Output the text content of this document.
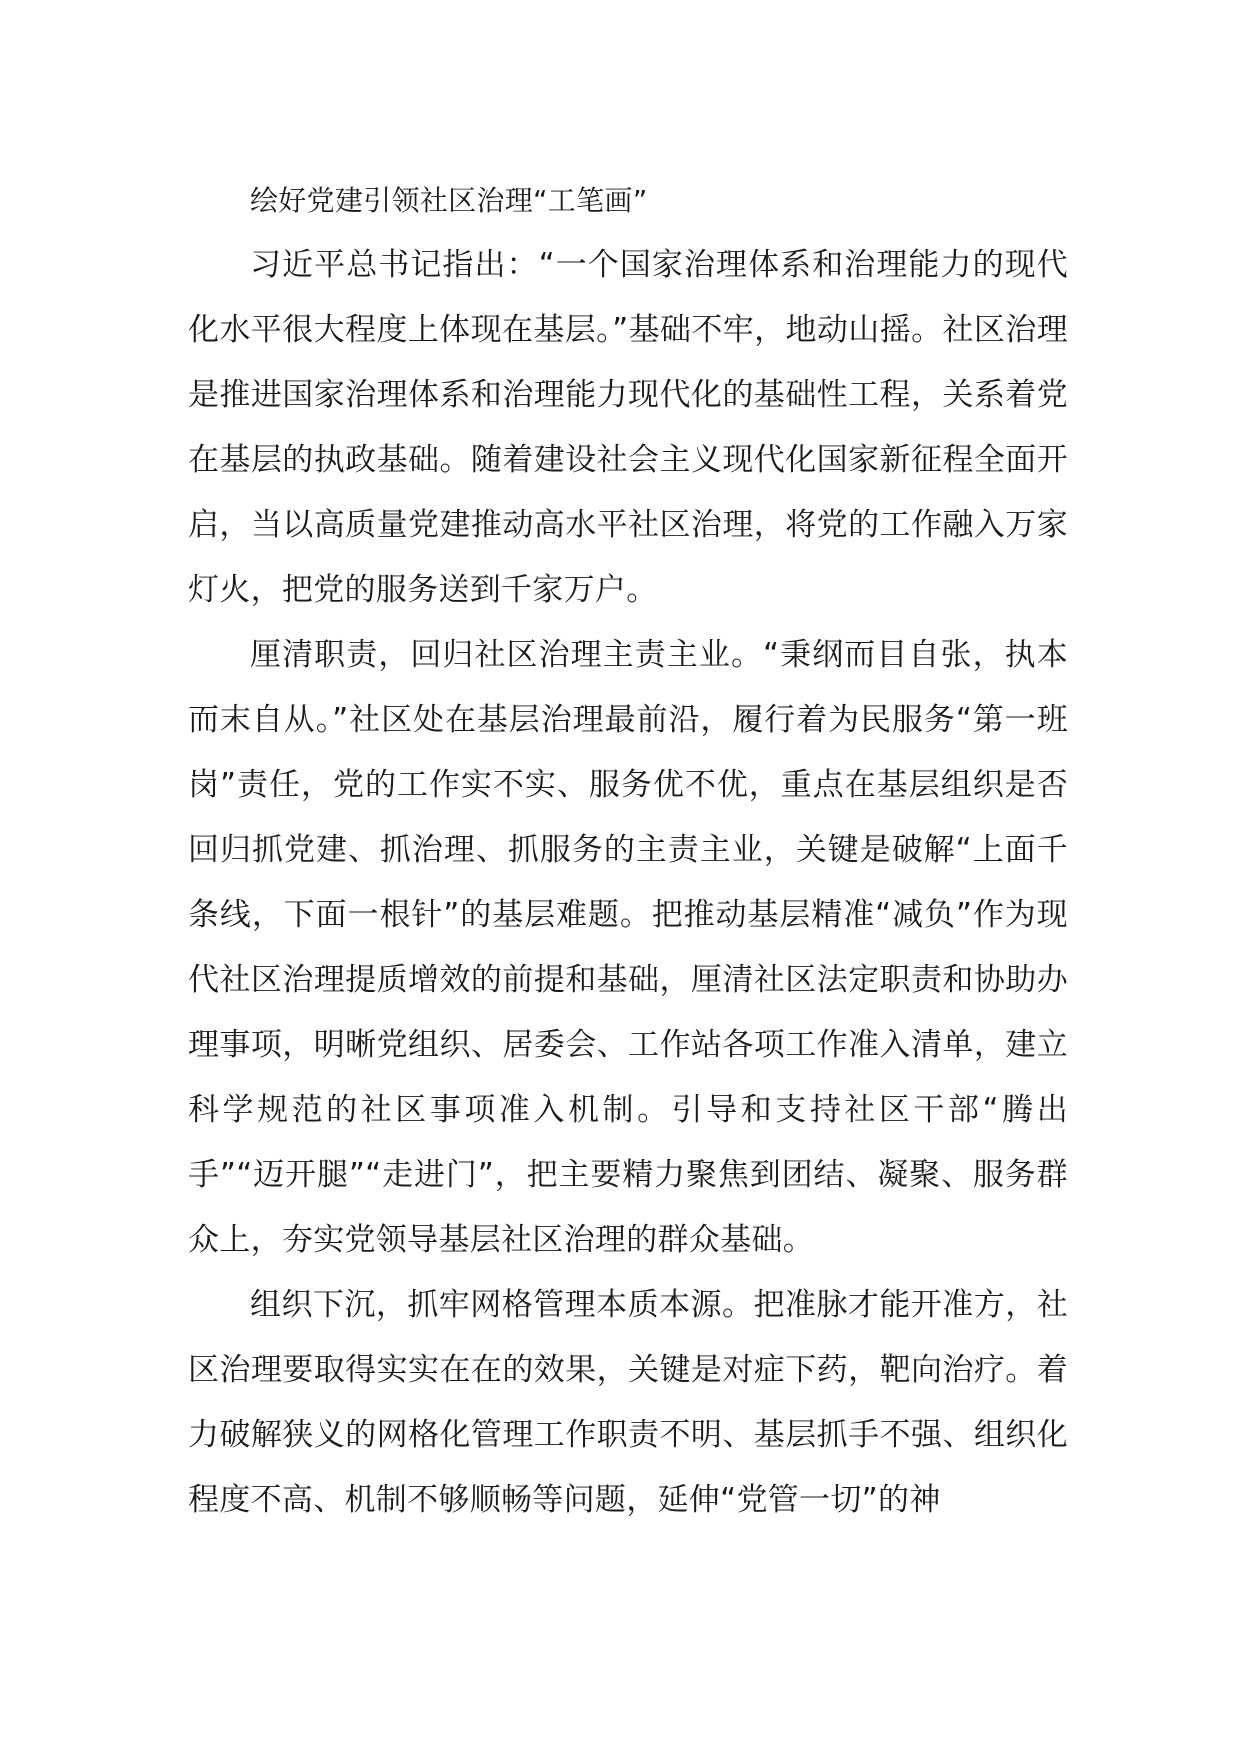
绘好党建引领社区治理“工笔画”

习近平总书记指出：“一个国家治理体系和治理能力的现代化水平很大程度上体现在基层。”基础不牢，地动山摇。社区治理是推进国家治理体系和治理能力现代化的基础性工程，关系着党在基层的执政基础。随着建设社会主义现代化国家新征程全面开启，当以高质量党建推动高水平社区治理，将党的工作融入万家灯火，把党的服务送到千家万户。

厘清职责，回归社区治理主责主业。“秉纲而目自张，执本而末自从。”社区处在基层治理最前沿，履行着为民服务“第一班岗”责任，党的工作实不实、服务优不优，重点在基层组织是否回归抓党建、抓治理、抓服务的主责主业，关键是破解“上面千条线，下面一根针”的基层难题。把推动基层精准“减负”作为现代社区治理提质增效的前提和基础，厘清社区法定职责和协助办理事项，明晰党组织、居委会、工作站各项工作准入清单，建立科学规范的社区事项准入机制。引导和支持社区干部“腾出手”“迈开腿”“走进门”，把主要精力聚焦到团结、凝聚、服务群众上，夯实党领导基层社区治理的群众基础。

组织下沉，抓牢网格管理本质本源。把准脉才能开准方，社区治理要取得实实在在的效果，关键是对症下药，靶向治疗。着力破解狭义的网格化管理工作职责不明、基层抓手不强、组织化程度不高、机制不够顺畅等问题，延伸“党管一切”的神
